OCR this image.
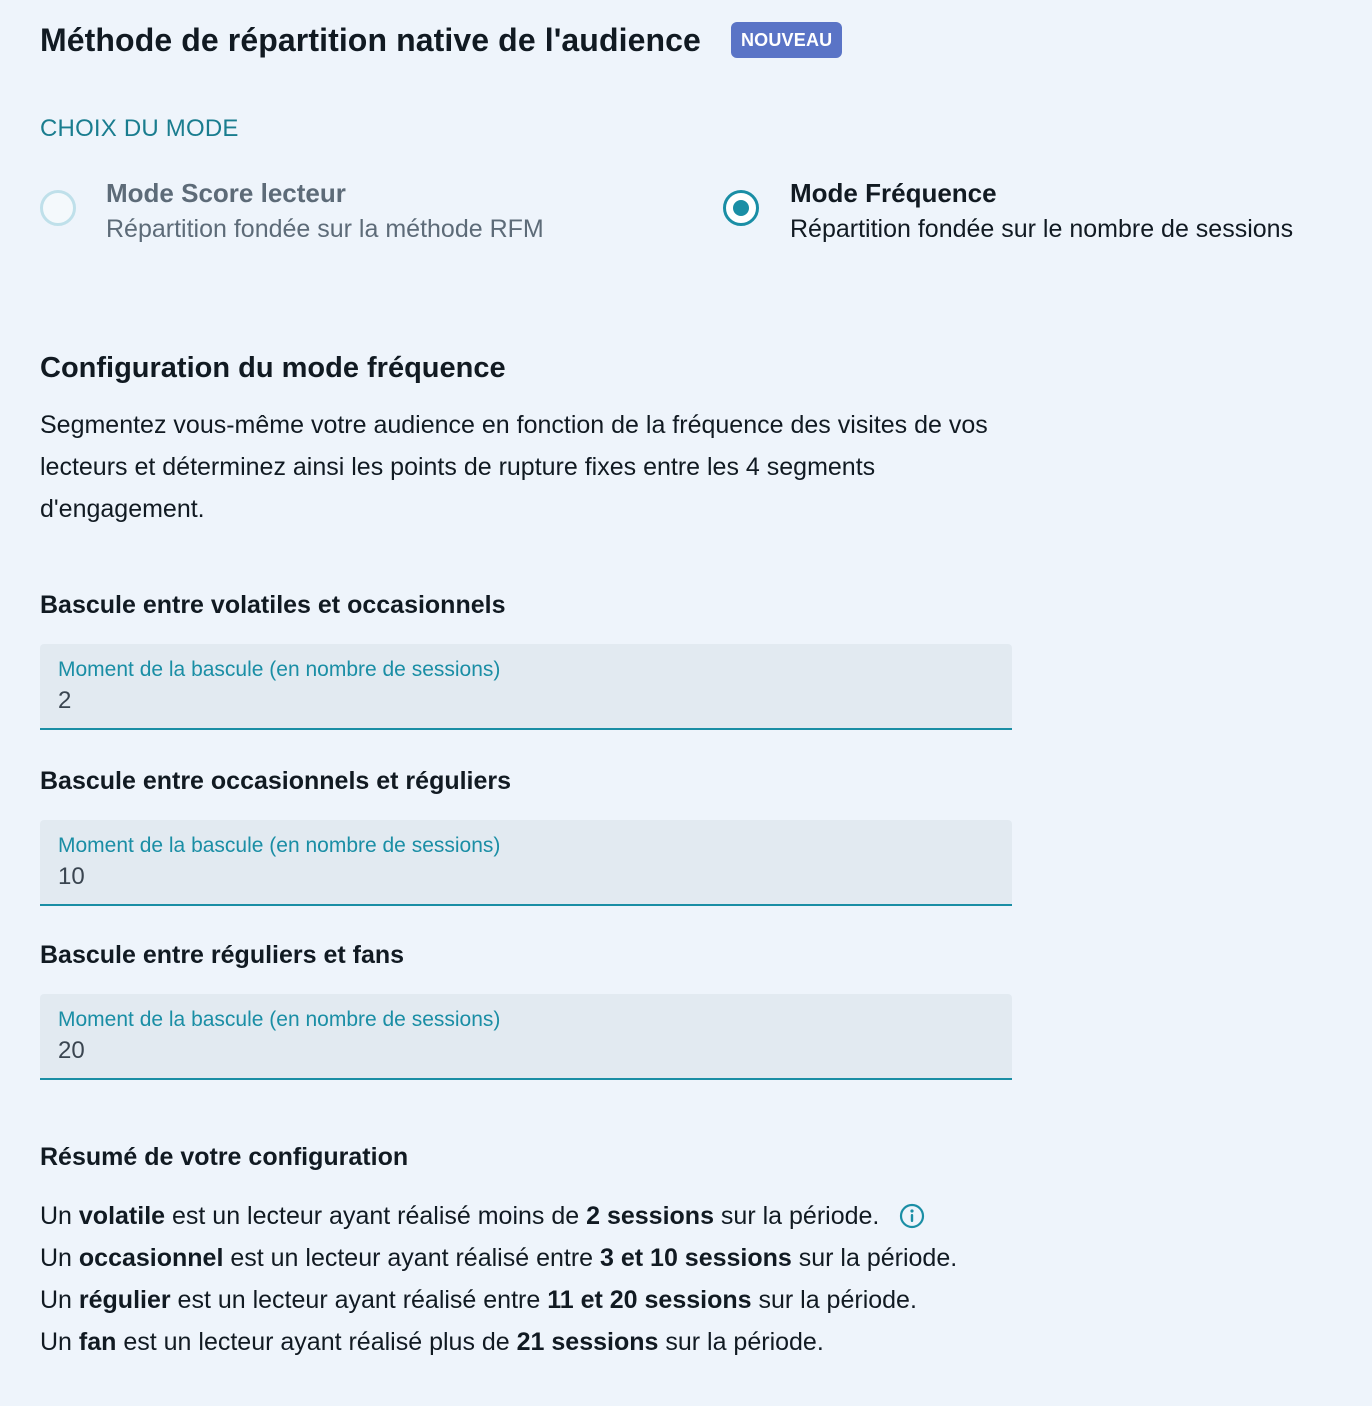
Méthode de répartition native de l'audience	NOUVEAU
CHOIX DU MODE
Mode Score lecteur
Répartition fondée sur la méthode RFM
Mode Fréquence
Répartition fondée sur le nombre de sessions
Configuration du mode fréquence

Segmentez vous-même votre audience en fonction de la fréquence des visites de vos lecteurs et déterminez ainsi les points de rupture fixes entre les 4 segments d'engagement.

Bascule entre volatiles et occasionnels
Moment de la bascule (en nombre de sessions)
2
Bascule entre occasionnels et réguliers
Moment de la bascule (en nombre de sessions)
10
Bascule entre réguliers et fans
Moment de la bascule (en nombre de sessions)
20
Résumé de votre configuration
Un volatile est un lecteur ayant réalisé moins de 2 sessions sur la période.
Un occasionnel est un lecteur ayant réalisé entre 3 et 10 sessions sur la période.
Un régulier est un lecteur ayant réalisé entre 11 et 20 sessions sur la période.
Un fan est un lecteur ayant réalisé plus de 21 sessions sur la période.
